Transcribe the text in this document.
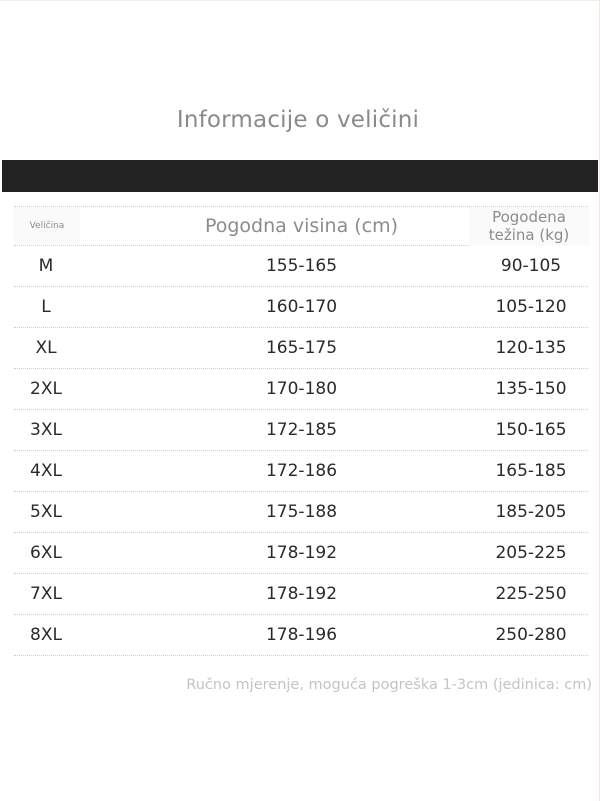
Informacije o veličini
Veličina	Pogodna visina (cm)	Pogodena
težina (kg)
M	155-165	90-105
L	160-170	105-120
XL	165-175	120-135
2XL	170-180	135-150
3XL	172-185	150-165
4XL	172-186	165-185
5XL	175-188	185-205
6XL	178-192	205-225
7XL	178-192	225-250
8XL	178-196	250-280
Ručno mjerenje, moguća pogreška 1-3cm (jedinica: cm)
